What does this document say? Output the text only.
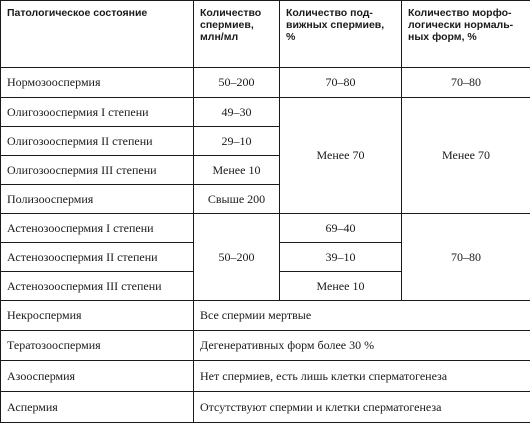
Патологическое состояние	Количество спермиев, млн/мл	Количество подвижных спермиев, %	Количество морфологически нормальных форм, %
Нормозооспермия	50–200	70–80	70–80
Олигозооспермия I степени	49–30	Менее 70	Менее 70
Олигозооспермия II степени	29–10		
Олигозооспермия III степени	Менее 10		
Полизооспермия	Свыше 200		
Астенозооспермия I степени	50–200	69–40	70–80
Астенозооспермия II степени		39–10	
Астенозооспермия III степени		Менее 10	
Некроспермия	Все спермии мертвые		
Тератозооспермия	Дегенеративных форм более 30 %		
Азооспермия	Нет спермиев, есть лишь клетки сперматогенеза		
Аспермия	Отсутствуют спермии и клетки сперматогенеза		
